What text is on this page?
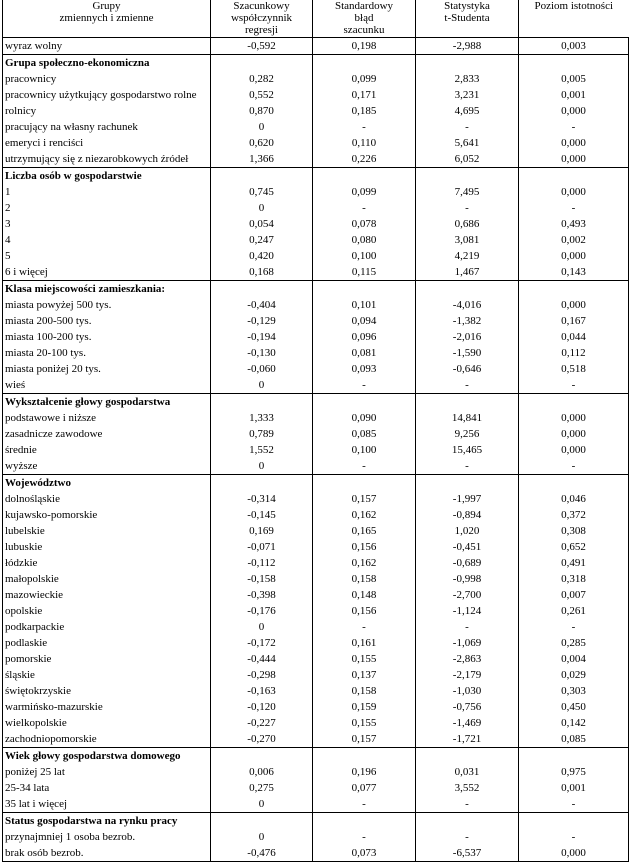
Grupy
zmiennych i zmienne	Szacunkowy
współczynnik
regresji	Standardowy
błąd
szacunku	Statystyka
t-Studenta	Poziom istotności

wyraz wolny	-0,592	0,198	-2,988	0,003
Grupa społeczno-ekonomiczna				
pracownicy	0,282	0,099	2,833	0,005
pracownicy użytkujący gospodarstwo rolne	0,552	0,171	3,231	0,001
rolnicy	0,870	0,185	4,695	0,000
pracujący na własny rachunek	0	-	-	-
emeryci i renciści	0,620	0,110	5,641	0,000
utrzymujący się z niezarobkowych źródeł	1,366	0,226	6,052	0,000
Liczba osób w gospodarstwie				
1	0,745	0,099	7,495	0,000
2	0	-	-	-
3	0,054	0,078	0,686	0,493
4	0,247	0,080	3,081	0,002
5	0,420	0,100	4,219	0,000
6 i więcej	0,168	0,115	1,467	0,143
Klasa miejscowości zamieszkania:				
miasta powyżej 500 tys.	-0,404	0,101	-4,016	0,000
miasta 200-500 tys.	-0,129	0,094	-1,382	0,167
miasta 100-200 tys.	-0,194	0,096	-2,016	0,044
miasta 20-100 tys.	-0,130	0,081	-1,590	0,112
miasta poniżej 20 tys.	-0,060	0,093	-0,646	0,518
wieś	0	-	-	-
Wykształcenie głowy gospodarstwa				
podstawowe i niższe	1,333	0,090	14,841	0,000
zasadnicze zawodowe	0,789	0,085	9,256	0,000
średnie	1,552	0,100	15,465	0,000
wyższe	0	-	-	-
Województwo				
dolnośląskie	-0,314	0,157	-1,997	0,046
kujawsko-pomorskie	-0,145	0,162	-0,894	0,372
lubelskie	0,169	0,165	1,020	0,308
lubuskie	-0,071	0,156	-0,451	0,652
łódzkie	-0,112	0,162	-0,689	0,491
małopolskie	-0,158	0,158	-0,998	0,318
mazowieckie	-0,398	0,148	-2,700	0,007
opolskie	-0,176	0,156	-1,124	0,261
podkarpackie	0	-	-	-
podlaskie	-0,172	0,161	-1,069	0,285
pomorskie	-0,444	0,155	-2,863	0,004
śląskie	-0,298	0,137	-2,179	0,029
świętokrzyskie	-0,163	0,158	-1,030	0,303
warmińsko-mazurskie	-0,120	0,159	-0,756	0,450
wielkopolskie	-0,227	0,155	-1,469	0,142
zachodniopomorskie	-0,270	0,157	-1,721	0,085
Wiek głowy gospodarstwa domowego				
poniżej 25 lat	0,006	0,196	0,031	0,975
25-34 lata	0,275	0,077	3,552	0,001
35 lat i więcej	0	-	-	-
Status gospodarstwa na rynku pracy				
przynajmniej 1 osoba bezrob.	0	-	-	-
brak osób bezrob.	-0,476	0,073	-6,537	0,000
